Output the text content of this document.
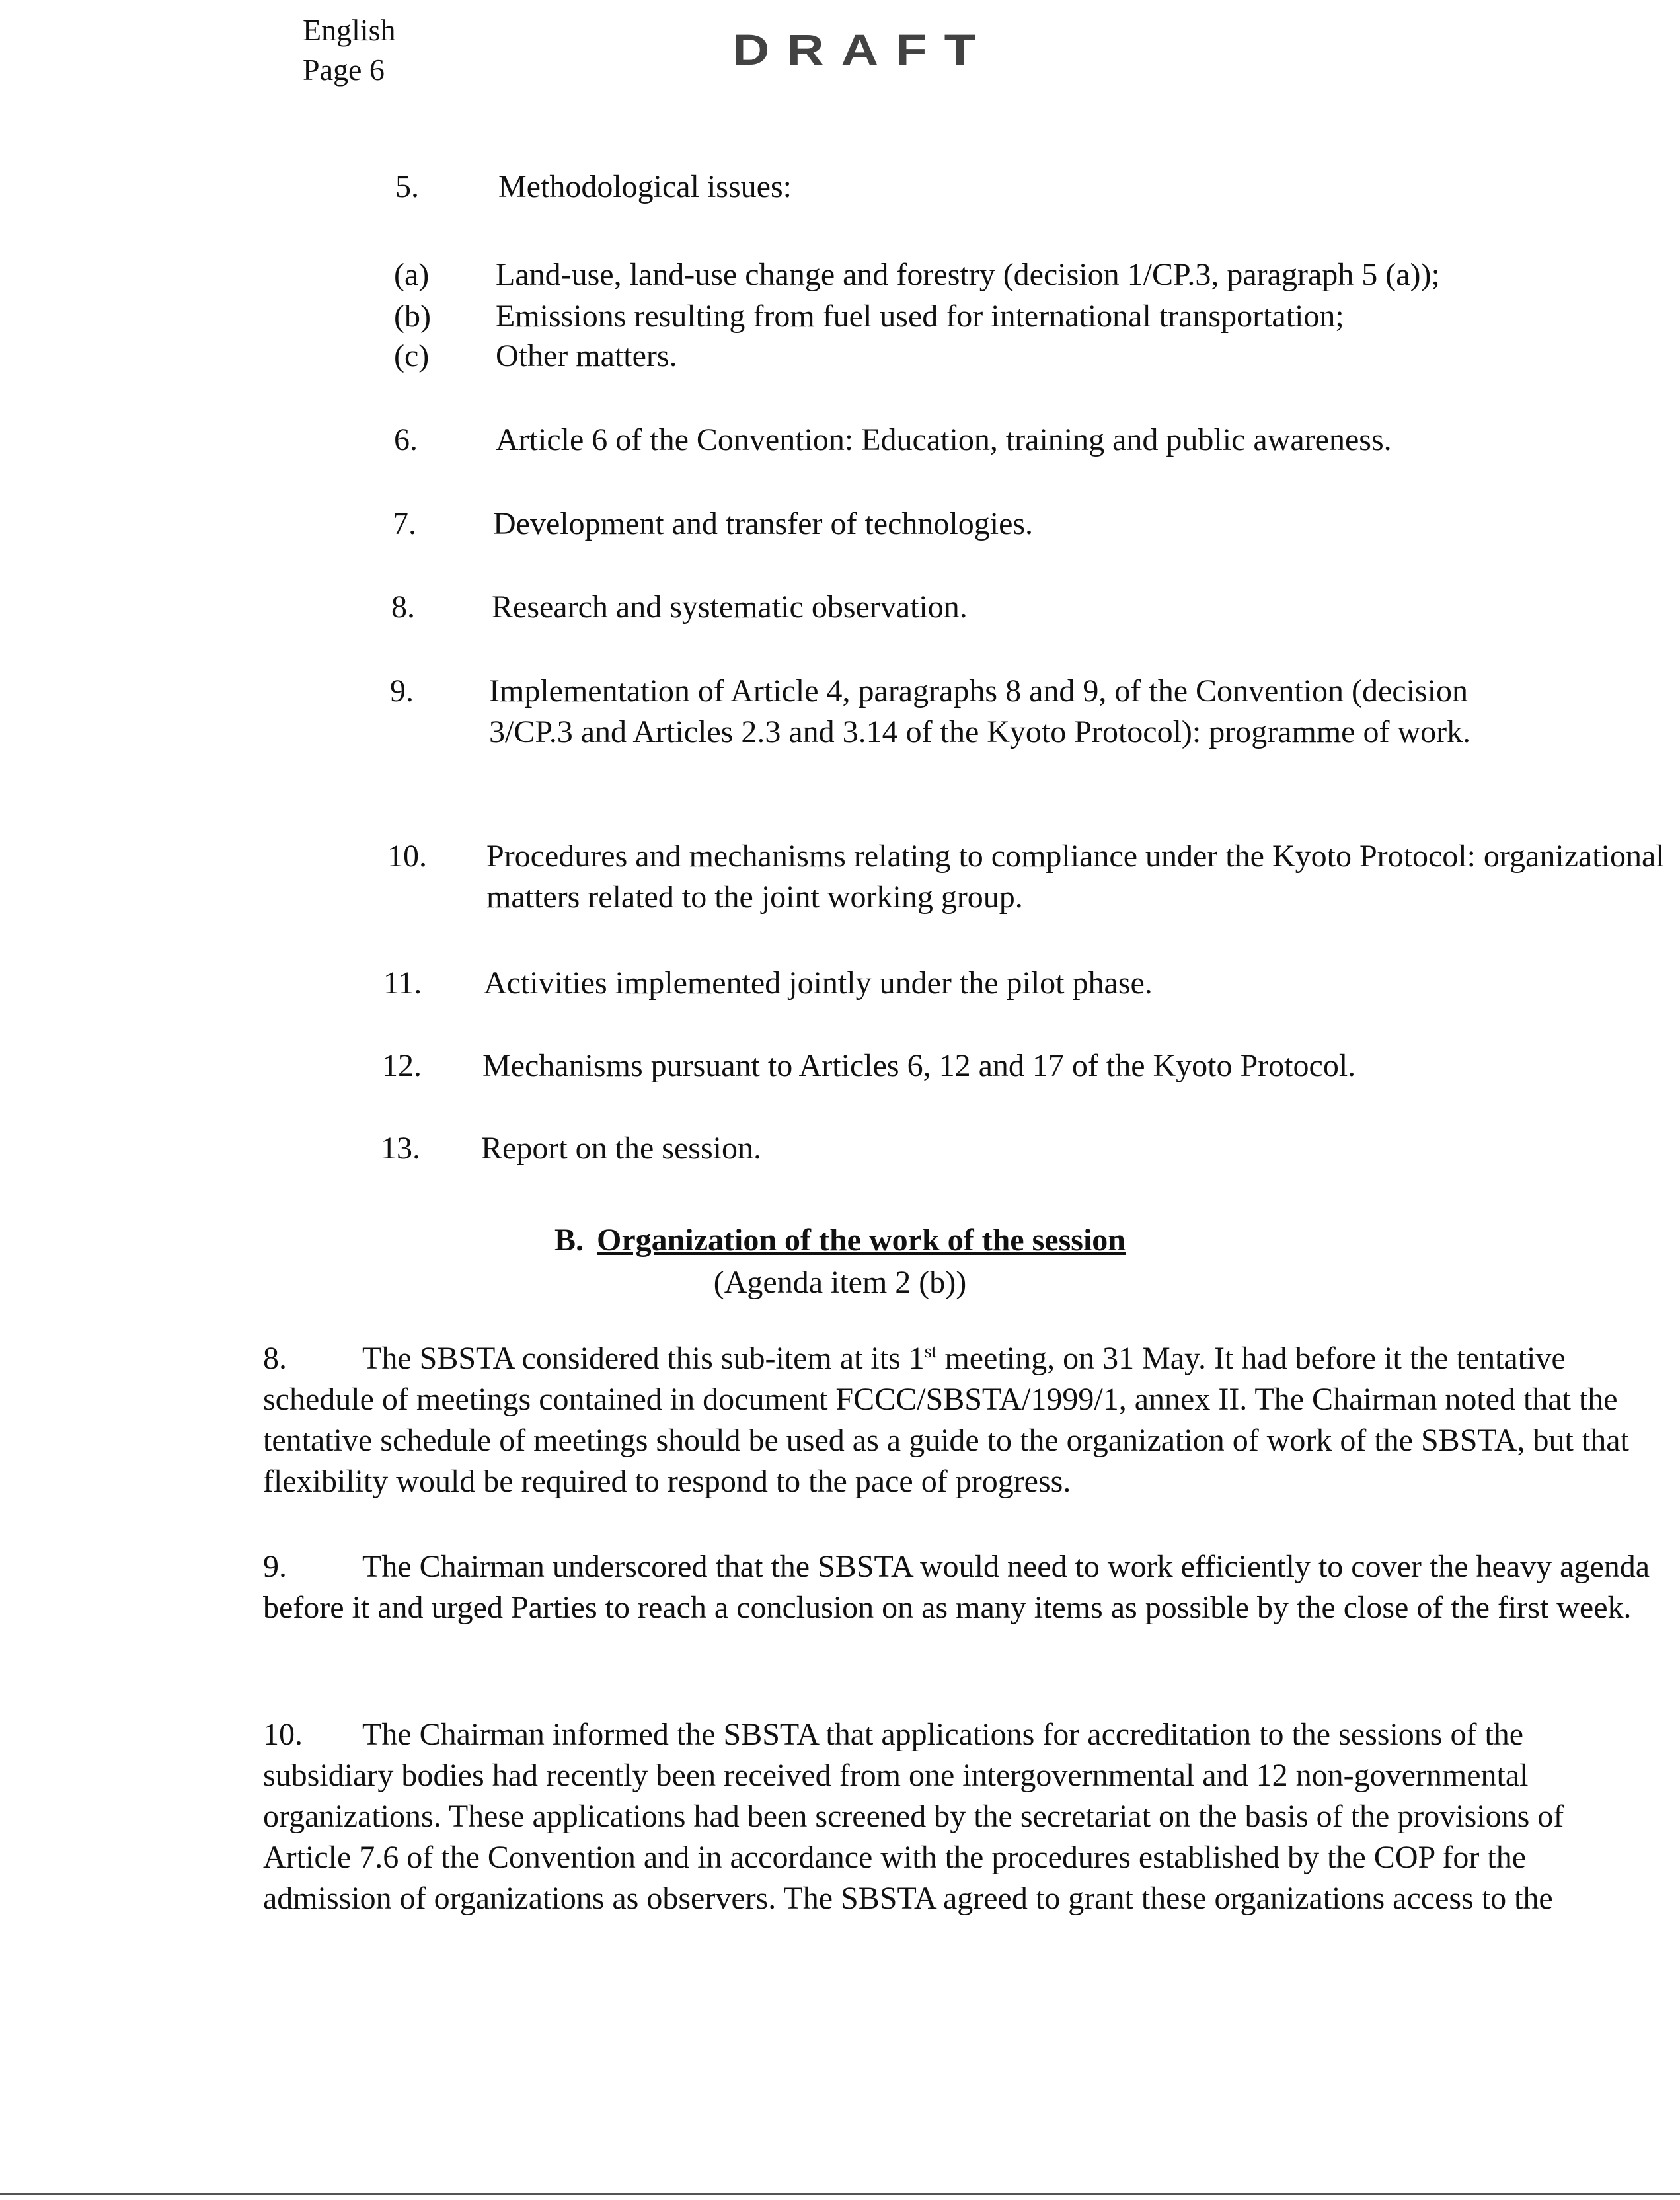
English
Page 6	DRAFT
5.	Methodological issues:
(a) Land-use, land-use change and forestry (decision 1/CP.3, paragraph 5 (a));
(b) Emissions resulting from fuel used for international transportation;
(c) Other matters.
6. Article 6 of the Convention: Education, training and public awareness.
7. Development and transfer of technologies.
8. Research and systematic observation.
9. Implementation of Article 4, paragraphs 8 and 9, of the Convention (decision 3/CP.3 and Articles 2.3 and 3.14 of the Kyoto Protocol): programme of work.
10. Procedures and mechanisms relating to compliance under the Kyoto Protocol: organizational matters related to the joint working group.
11. Activities implemented jointly under the pilot phase.
12. Mechanisms pursuant to Articles 6, 12 and 17 of the Kyoto Protocol.
13. Report on the session.
B. Organization of the work of the session
(Agenda item 2 (b))
8. The SBSTA considered this sub-item at its 1st meeting, on 31 May. It had before it the tentative schedule of meetings contained in document FCCC/SBSTA/1999/1, annex II. The Chairman noted that the tentative schedule of meetings should be used as a guide to the organization of work of the SBSTA, but that flexibility would be required to respond to the pace of progress.
9. The Chairman underscored that the SBSTA would need to work efficiently to cover the heavy agenda before it and urged Parties to reach a conclusion on as many items as possible by the close of the first week.
10. The Chairman informed the SBSTA that applications for accreditation to the sessions of the subsidiary bodies had recently been received from one intergovernmental and 12 non-governmental organizations. These applications had been screened by the secretariat on the basis of the provisions of Article 7.6 of the Convention and in accordance with the procedures established by the COP for the admission of organizations as observers. The SBSTA agreed to grant these organizations access to the
